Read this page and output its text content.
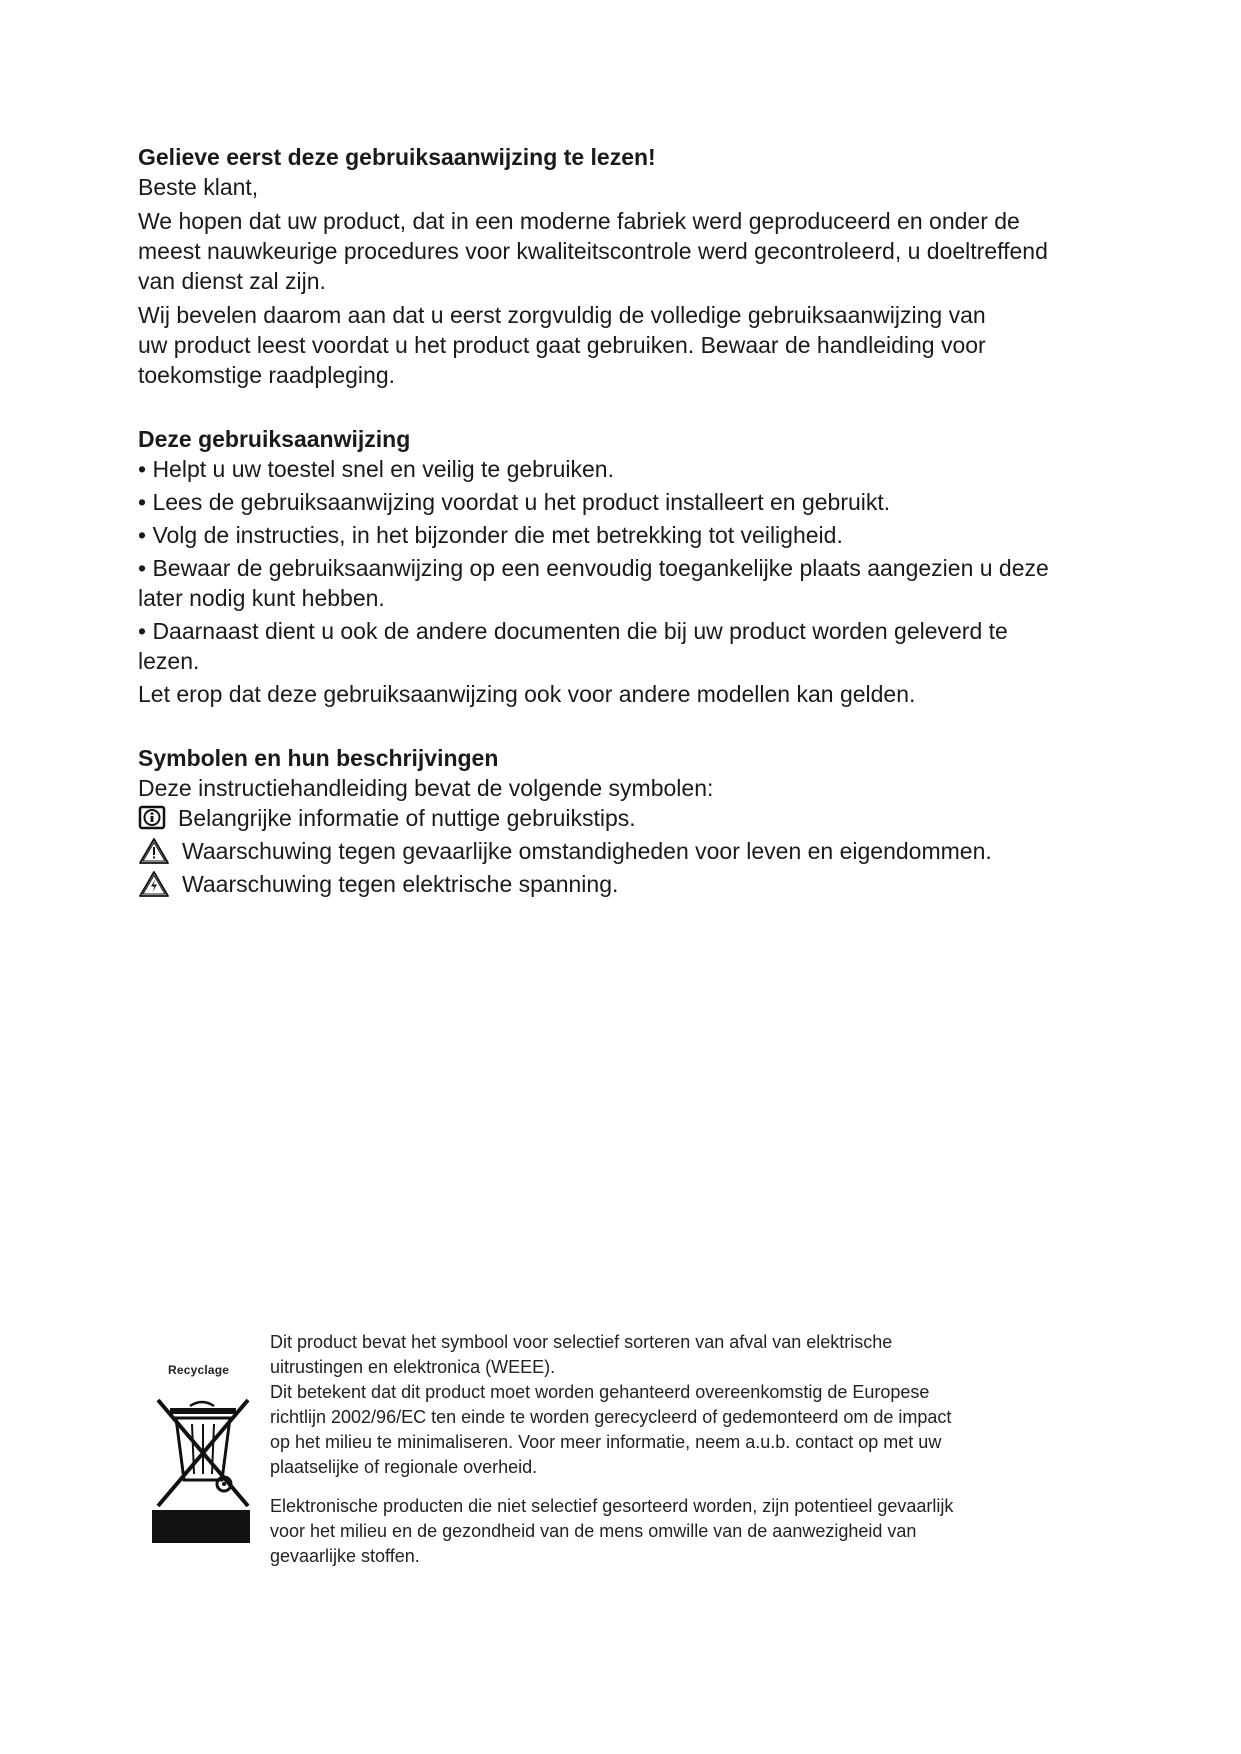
Gelieve eerst deze gebruiksaanwijzing te lezen!

Beste klant,

We hopen dat uw product, dat in een moderne fabriek werd geproduceerd en onder de
meest nauwkeurige procedures voor kwaliteitscontrole werd gecontroleerd, u doeltreffend
van dienst zal zijn.
Wij bevelen daarom aan dat u eerst zorgvuldig de volledige gebruiksaanwijzing van
uw product leest voordat u het product gaat gebruiken. Bewaar de handleiding voor
toekomstige raadpleging.

Deze gebruiksaanwijzing

• Helpt u uw toestel snel en veilig te gebruiken.
• Lees de gebruiksaanwijzing voordat u het product installeert en gebruikt.
• Volg de instructies, in het bijzonder die met betrekking tot veiligheid.
• Bewaar de gebruiksaanwijzing op een eenvoudig toegankelijke plaats aangezien u deze
later nodig kunt hebben.
• Daarnaast dient u ook de andere documenten die bij uw product worden geleverd te
lezen.

Let erop dat deze gebruiksaanwijzing ook voor andere modellen kan gelden.

Symbolen en hun beschrijvingen

Deze instructiehandleiding bevat de volgende symbolen:

Belangrijke informatie of nuttige gebruikstips.
Waarschuwing tegen gevaarlijke omstandigheden voor leven en eigendommen.
Waarschuwing tegen elektrische spanning.
Recyclage

Dit product bevat het symbool voor selectief sorteren van afval van elektrische

uitrustingen en elektronica (WEEE).

Dit betekent dat dit product moet worden gehanteerd overeenkomstig de Europese

richtlijn 2002/96/EC ten einde te worden gerecycleerd of gedemonteerd om de impact

op het milieu te minimaliseren. Voor meer informatie, neem a.u.b. contact op met uw

plaatselijke of regionale overheid.

Elektronische producten die niet selectief gesorteerd worden, zijn potentieel gevaarlijk

voor het milieu en de gezondheid van de mens omwille van de aanwezigheid van

gevaarlijke stoffen.
